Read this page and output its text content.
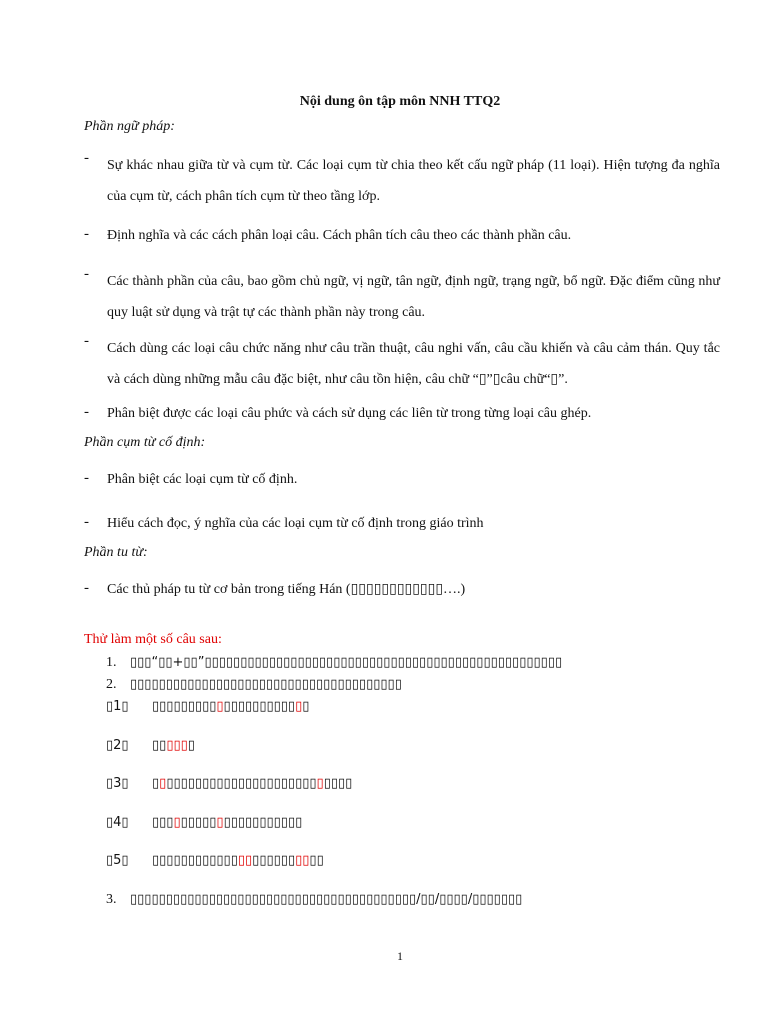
Nội dung ôn tập môn NNH TTQ2
Phần ngữ pháp:
- Sự khác nhau giữa từ và cụm từ. Các loại cụm từ chia theo kết cấu ngữ pháp (11 loại). Hiện tượng đa nghĩa của cụm từ, cách phân tích cụm từ theo tầng lớp.
- Định nghĩa và các cách phân loại câu. Cách phân tích câu theo các thành phần câu.
- Các thành phần của câu, bao gồm chủ ngữ, vị ngữ, tân ngữ, định ngữ, trạng ngữ, bổ ngữ. Đặc điểm cũng như quy luật sử dụng và trật tự các thành phần này trong câu.
- Cách dùng các loại câu chức năng như câu trần thuật, câu nghi vấn, câu cầu khiến và câu cảm thán. Quy tắc và cách dùng những mẫu câu đặc biệt, như câu tồn hiện, câu chữ “▯”▯câu chữ“▯”.
- Phân biệt được các loại câu phức và cách sử dụng các liên từ trong từng loại câu ghép.
Phần cụm từ cố định:
- Phân biệt các loại cụm từ cố định.
- Hiểu cách đọc, ý nghĩa của các loại cụm từ cố định trong giáo trình
Phần tu từ:
- Các thủ pháp tu từ cơ bản trong tiếng Hán (▯▯▯▯▯▯▯▯▯▯▯▯….)
Thử làm một số câu sau:
1. ▯▯▯“▯▯+▯▯”▯▯▯▯▯▯▯▯▯▯▯▯▯▯▯▯▯▯▯▯▯▯▯▯▯▯▯▯▯▯▯▯▯▯▯▯▯▯▯▯▯▯▯▯▯▯▯▯▯▯
2. ▯▯▯▯▯▯▯▯▯▯▯▯▯▯▯▯▯▯▯▯▯▯▯▯▯▯▯▯▯▯▯▯▯▯▯▯▯▯
▯1▯ ▯▯▯▯▯▯▯▯▯▯▯▯▯▯▯▯▯▯▯▯▯▯
▯2▯ ▯▯▯▯▯▯
▯3▯ ▯▯▯▯▯▯▯▯▯▯▯▯▯▯▯▯▯▯▯▯▯▯▯▯▯▯▯▯
▯4▯ ▯▯▯▯▯▯▯▯▯▯▯▯▯▯▯▯▯▯▯▯▯
▯5▯ ▯▯▯▯▯▯▯▯▯▯▯▯▯▯▯▯▯▯▯▯▯▯▯▯
3. ▯▯▯▯▯▯▯▯▯▯▯▯▯▯▯▯▯▯▯▯▯▯▯▯▯▯▯▯▯▯▯▯▯▯▯▯▯▯▯▯/▯▯/▯▯▯▯/▯▯▯▯▯▯▯
1
